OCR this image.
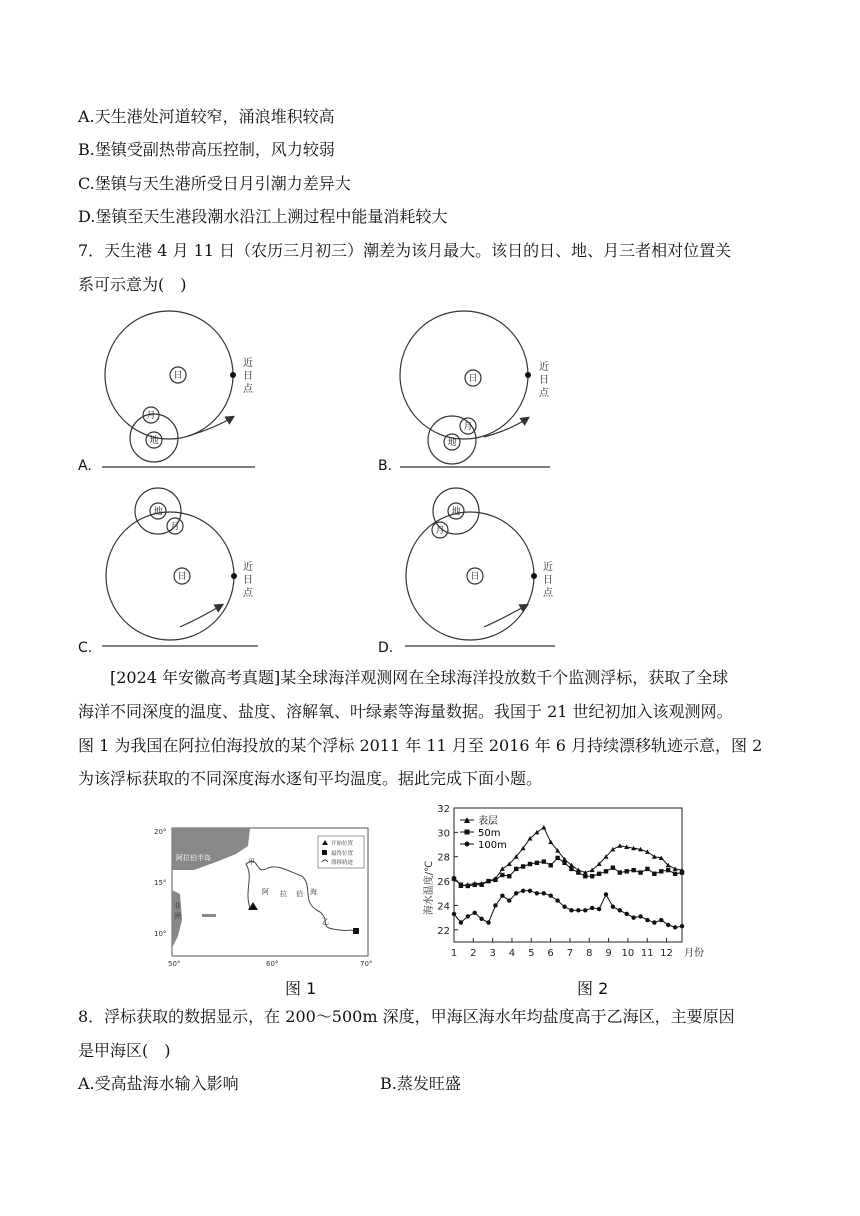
A.天生港处河道较窄，涌浪堆积较高
B.堡镇受副热带高压控制，风力较弱
C.堡镇与天生港所受日月引潮力差异大
D.堡镇至天生港段潮水沿江上溯过程中能量消耗较大
7．天生港 4 月 11 日（农历三月初三）潮差为该月最大。该日的日、地、月三者相对位置关
系可示意为(　)
日
地
月
日
地
月
日
地
月
日
地
月
近
日
点
近
日
点
近
日
点
近
日
点
A.	B.
C.	D.
[2024 年安徽高考真题]某全球海洋观测网在全球海洋投放数千个监测浮标，获取了全球
海洋不同深度的温度、盐度、溶解氧、叶绿素等海量数据。我国于 21 世纪初加入该观测网。
图 1 为我国在阿拉伯海投放的某个浮标 2011 年 11 月至 2016 年 6 月持续漂移轨迹示意，图 2
为该浮标获取的不同深度海水逐旬平均温度。据此完成下面小题。
阿拉伯半岛	甲
乙
阿 拉 伯 海
非
洲
20°
15°
10°
50°	60°	70°
开始位置
最终位置
漂移轨迹
图 1
海水温度/℃
22
24
26
28
30
32
1 2 3 4 5 6 7 8 9 10 11 12 月份
表层
50m
100m
图 2
8．浮标获取的数据显示，在 200～500m 深度，甲海区海水年均盐度高于乙海区，主要原因
是甲海区(　)
A.受高盐海水输入影响	B.蒸发旺盛
